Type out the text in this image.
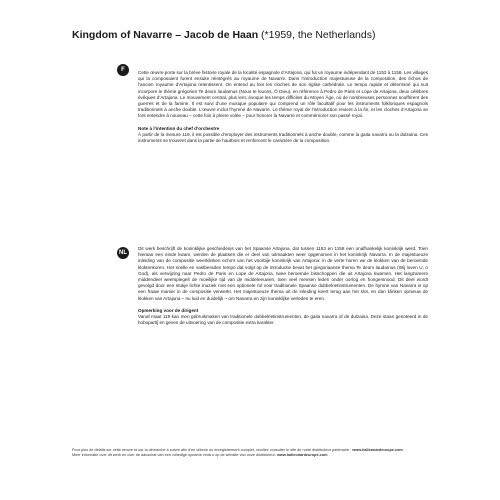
Kingdom of Navarre – Jacob de Haan (*1959, the Netherlands)
F	Cette œuvre porte sur la brève histoire royale de la localité espagnole d’Artajona, qui fut un royaume indépendant de 1153 à 1158. Les villages qui la composaient furent ensuite réintégrés au royaume de Navarre. Dans l’introduction majestueuse de la composition, des échos de l’ancien royaume d’Artajona retentissent. On entend au loin les cloches de son église cathédrale. Le tempo rapide et déterminé qui suit incorpore le thème grégorien Te deum laudamus (Nous te louons, Ô Dieu), en référence à Pedro de Paris et Lope de Artajona, deux célèbres évêques d’Artajona. Le mouvement central, plus lent, évoque les temps difficiles du Moyen Âge, où de nombreuses personnes souffrirent des guerres et de la famine. Il est suivi d’une musique populaire qui comprend un rôle facultatif pour les instruments folkloriques espagnols traditionnels à anche double. L’œuvre inclut l’hymne de Navarre. Le thème royal de l’introduction revient à la fin, et les cloches d’Artajona se font entendre à nouveau – cette fois à pleine volée – pour honorer la Navarre et commémorer son passé royal.

Note à l’intention du chef d’orchestre

À partir de la mesure 119, il est possible d’employer des instruments traditionnels à anche double, comme la gaita navarra ou la dulzaina. Ces instruments se trouvent dans la partie de hautbois et renforcent le caractère de la composition.

NL

Dit werk beschrijft de koninklijke geschiedenis van het Spaanse Artajona, dat tussen 1153 en 1158 een onafhankelijk koninkrijk werd. Toen hieraan een einde kwam, werden de plaatsen die er deel van uitmaakten weer opgenomen in het koninkrijk Navarra. In de majestueuze inleiding van de compositie weerklinken echo’s van het voorbije koninkrijk van Artajona: in de verte horen we de klokken van de beroemde kloktenkoren. Het snelle en vastberaden tempo dat volgt op de introductie bevat het gregoriaanse thema Te deum laudamus (Wij loven U, o God), als verwijzing naar Pedro de Paris en Lope de Artajona, twee beroemde bisschoppen die uit Artajona kwamen. Het langzamere middendeel weerspiegelt de moeilijke tijd van de middeleeuwen, toen veel mensen leden onder oorlog en hongersnood. Dit deel wordt gevolgd door een stukje lichte muziek met een optionele rol voor traditionele Spaanse dubbelrietinstrumenten. De hymne van Navarra is op een fraaie manier in de compositie verwerkt. Het majestueuze thema uit de inleiding keert terug aan het slot, en dan klinken opnieuw de klokken van Artajona – nu luid en duidelijk – om Navarra en zijn koninklijke verleden te eren.

Opmerking voor de dirigent

Vanaf maat 119 kan men gebruikmaken van traditionele dubbelrietinstrumenten, de gaita navarra of de dulzaina. Deze staan genoteerd in de hobopartiĵ en geven de uitvoering van de compositie extra karakter.

Pour plus de détails sur cette œuvre et sur la démarche à suivre afin d’en obtenir un enregistrement complet, veuillez consulter le site de notre distributeur partenaire : www.halleonardeurope.com

Meer informatie over dit werk en over de aanschaf van een volledige opname vindt u op de website van onze distributeur: www.halleonardeurope.com
